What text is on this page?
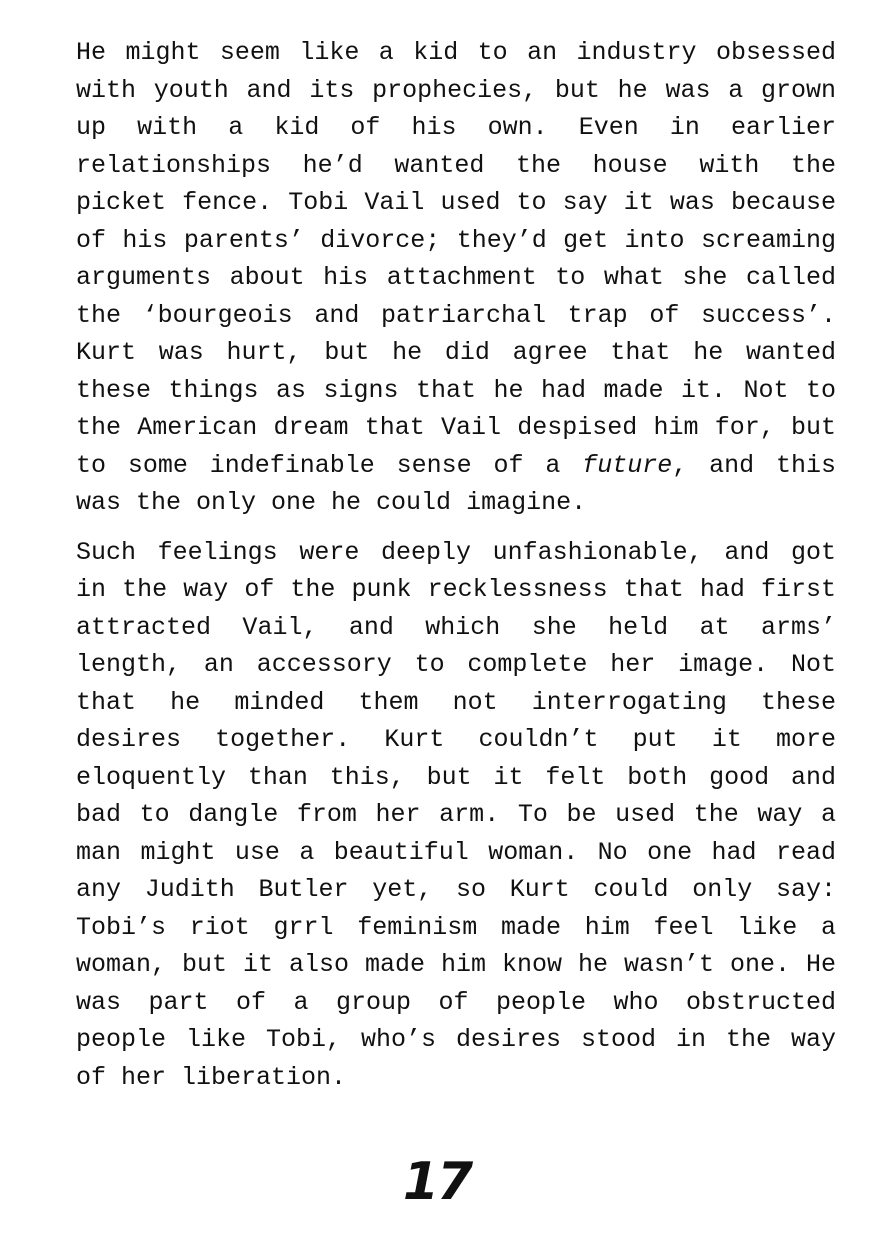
He might seem like a kid to an industry obsessed with youth and its prophecies, but he was a grown up with a kid of his own. Even in earlier relationships he’d wanted the house with the picket fence. Tobi Vail used to say it was because of his parents’ divorce; they’d get into screaming arguments about his attachment to what she called the ‘bourgeois and patriarchal trap of success’. Kurt was hurt, but he did agree that he wanted these things as signs that he had made it. Not to the American dream that Vail despised him for, but to some indefinable sense of a future, and this was the only one he could imagine.

Such feelings were deeply unfashionable, and got in the way of the punk recklessness that had first attracted Vail, and which she held at arms’ length, an accessory to complete her image. Not that he minded them not interrogating these desires together. Kurt couldn’t put it more eloquently than this, but it felt both good and bad to dangle from her arm. To be used the way a man might use a beautiful woman. No one had read any Judith Butler yet, so Kurt could only say: Tobi’s riot grrl feminism made him feel like a woman, but it also made him know he wasn’t one. He was part of a group of people who obstructed people like Tobi, who’s desires stood in the way of her liberation.

17
